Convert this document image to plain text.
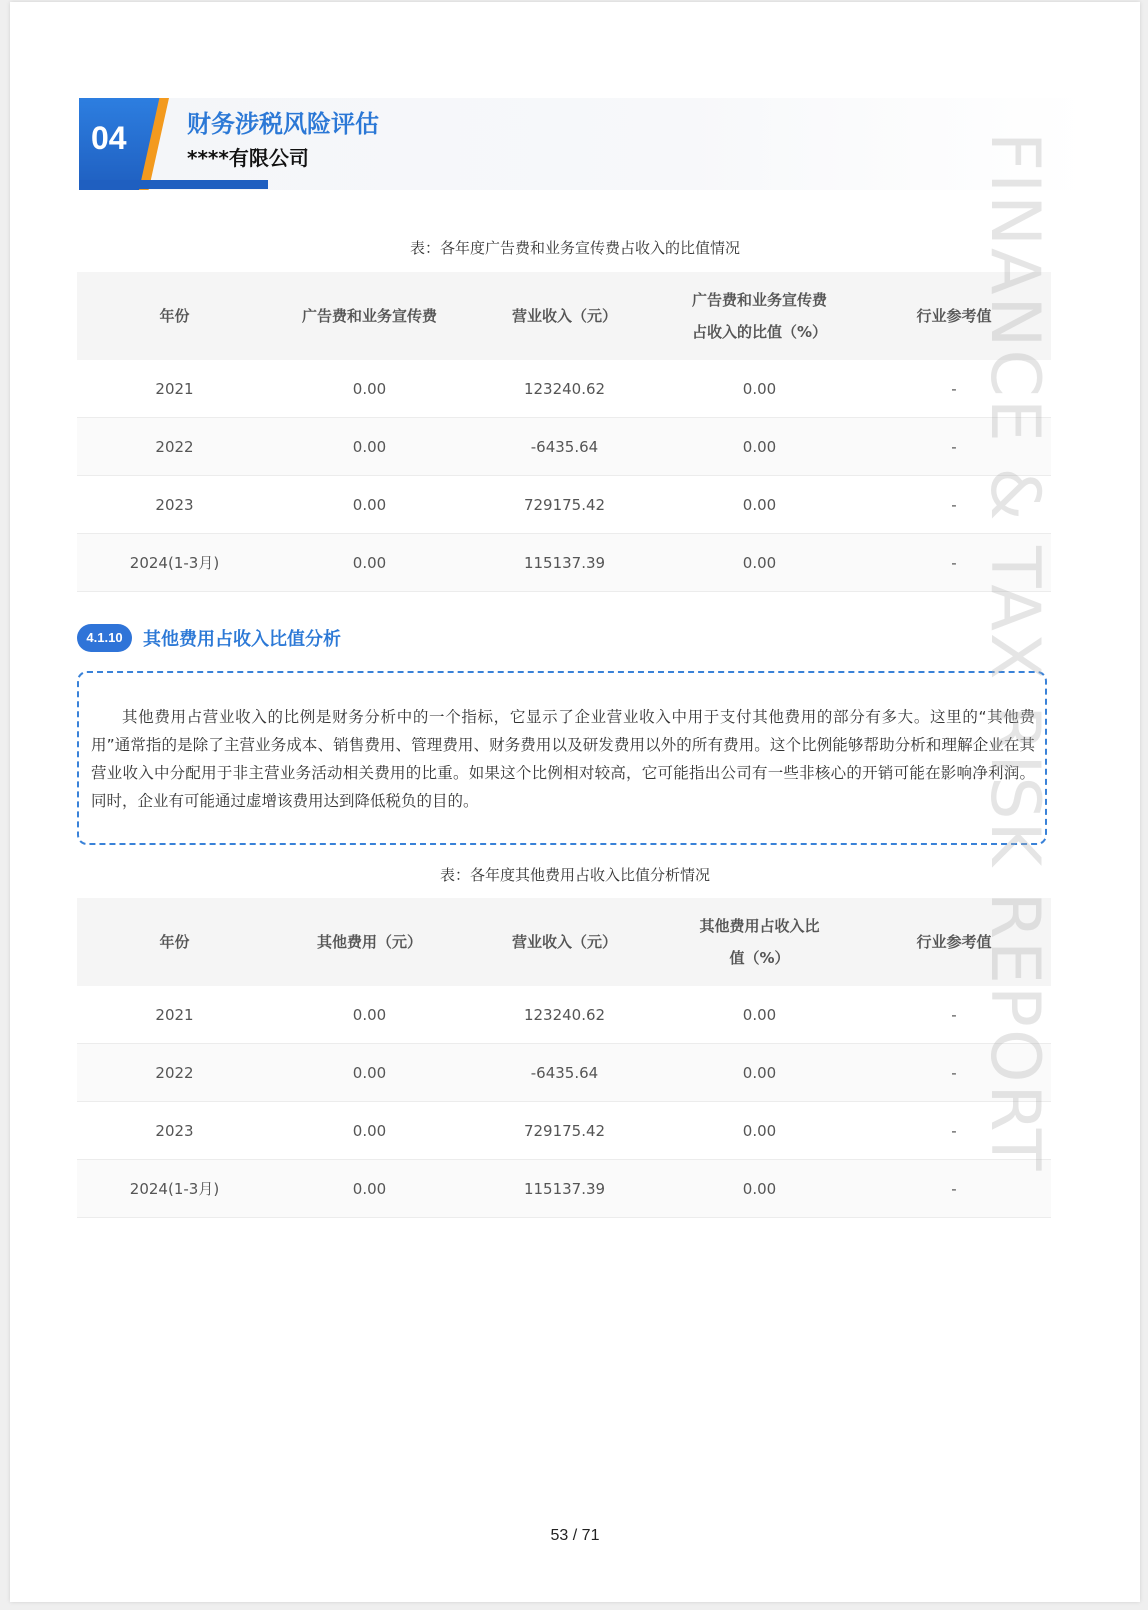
04	财务涉税风险评估
****有限公司
表：各年度广告费和业务宣传费占收入的比值情况
年份	广告费和业务宣传费	营业收入（元）	广告费和业务宣传费占收入的比值（%）	行业参考值
2021	0.00	123240.62	0.00	-
2022	0.00	-6435.64	0.00	-
2023	0.00	729175.42	0.00	-
2024(1-3月)	0.00	115137.39	0.00	-
4.1.10	其他费用占收入比值分析
其他费用占营业收入的比例是财务分析中的一个指标，它显示了企业营业收入中用于支付其他费用的部分有多大。这里的“其他费用”通常指的是除了主营业务成本、销售费用、管理费用、财务费用以及研发费用以外的所有费用。这个比例能够帮助分析和理解企业在其营业收入中分配用于非主营业务活动相关费用的比重。如果这个比例相对较高，它可能指出公司有一些非核心的开销可能在影响净利润。同时，企业有可能通过虚增该费用达到降低税负的目的。
表：各年度其他费用占收入比值分析情况
年份	其他费用（元）	营业收入（元）	其他费用占收入比值（%）	行业参考值
2021	0.00	123240.62	0.00	-
2022	0.00	-6435.64	0.00	-
2023	0.00	729175.42	0.00	-
2024(1-3月)	0.00	115137.39	0.00	-
FINANCE & TAX RISK REPORT
53 / 71
